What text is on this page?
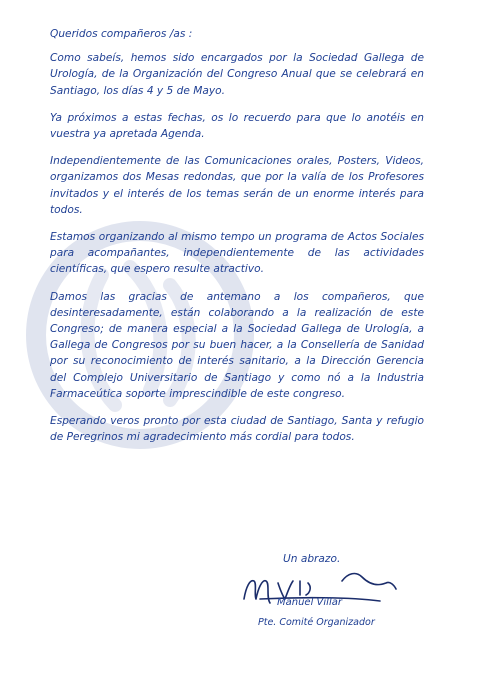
Queridos compañeros /as :

Como sabeís, hemos sido encargados por la Sociedad Gallega de Urología, de la Organización del Congreso Anual que se celebrará en Santiago, los días 4 y 5 de Mayo.

Ya próximos a estas fechas, os lo recuerdo para que lo anotéis en vuestra ya apretada Agenda.

Independientemente de las Comunicaciones orales, Posters, Videos, organizamos dos Mesas redondas, que por la valía de los Profesores invitados y el interés de los temas serán de un enorme interés para todos.

Estamos organizando al mismo tempo un programa de Actos Sociales para acompañantes, independientemente de las actividades científicas, que espero resulte atractivo.

Damos las gracias de antemano a los compañeros, que desinteresadamente, están colaborando a la realización de este Congreso; de manera especial a la Sociedad Gallega de Urología, a Gallega de Congresos por su buen hacer, a la Consellería de Sanidad por su reconocimiento de interés sanitario, a la Dirección Gerencia del Complejo Universitario de Santiago y como nó a la Industria Farmaceútica soporte imprescindible de este congreso.

Esperando veros pronto por esta ciudad de Santiago, Santa y refugio de Peregrinos mi agradecimiento más cordial para todos.

Un abrazo.
Manuel Villar
Pte. Comité Organizador
